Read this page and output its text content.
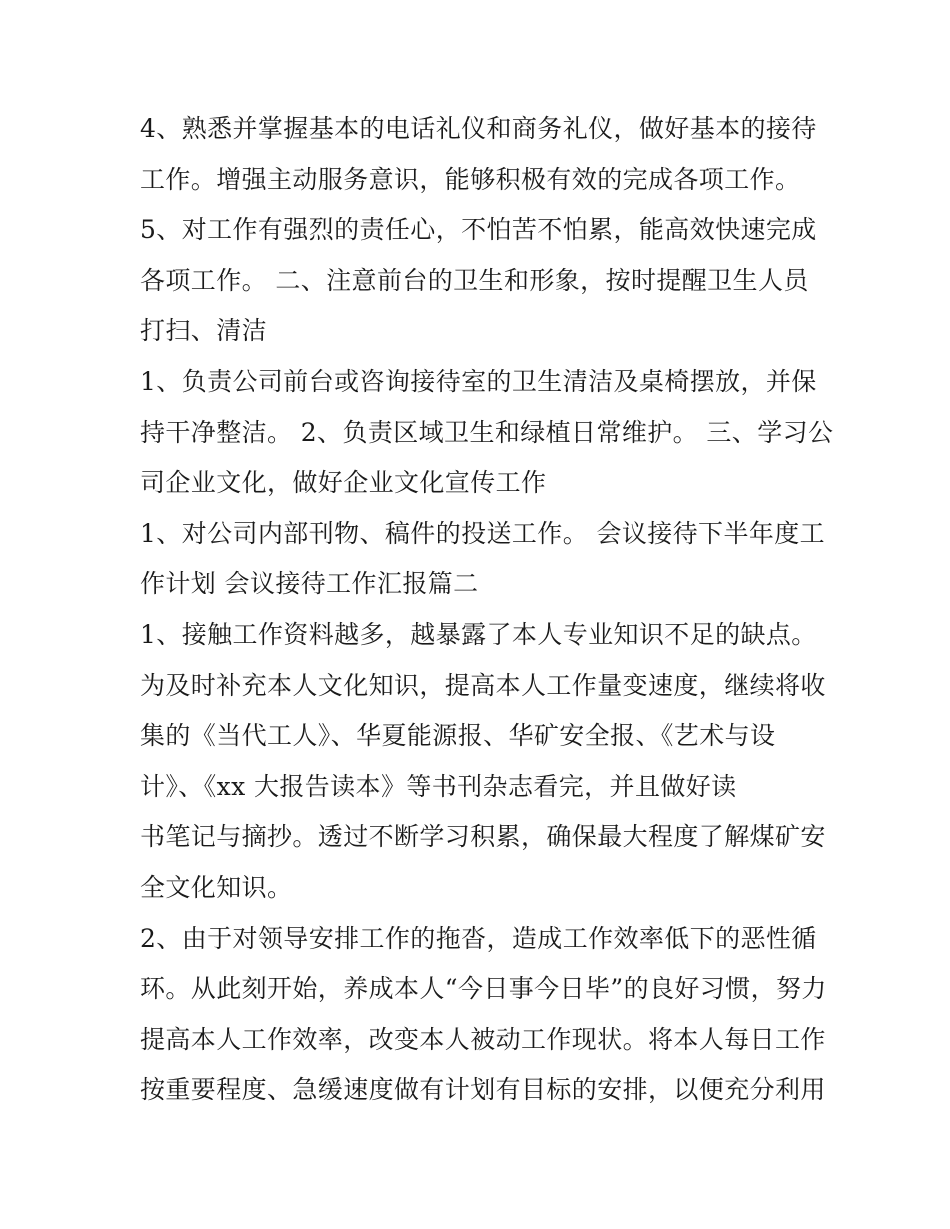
4、熟悉并掌握基本的电话礼仪和商务礼仪，做好基本的接待
工作。增强主动服务意识，能够积极有效的完成各项工作。
5、对工作有强烈的责任心，不怕苦不怕累，能高效快速完成
各项工作。 二、注意前台的卫生和形象，按时提醒卫生人员
打扫、清洁
1、负责公司前台或咨询接待室的卫生清洁及桌椅摆放，并保
持干净整洁。 2、负责区域卫生和绿植日常维护。 三、学习公
司企业文化，做好企业文化宣传工作
1、对公司内部刊物、稿件的投送工作。 会议接待下半年度工
作计划 会议接待工作汇报篇二
1、接触工作资料越多，越暴露了本人专业知识不足的缺点。
为及时补充本人文化知识，提高本人工作量变速度，继续将收
集的《当代工人》、华夏能源报、华矿安全报、《艺术与设
计》、《xx 大报告读本》等书刊杂志看完，并且做好读
书笔记与摘抄。透过不断学习积累，确保最大程度了解煤矿安
全文化知识。
2、由于对领导安排工作的拖沓，造成工作效率低下的恶性循
环。从此刻开始，养成本人“今日事今日毕”的良好习惯，努力
提高本人工作效率，改变本人被动工作现状。将本人每日工作
按重要程度、急缓速度做有计划有目标的安排，以便充分利用
